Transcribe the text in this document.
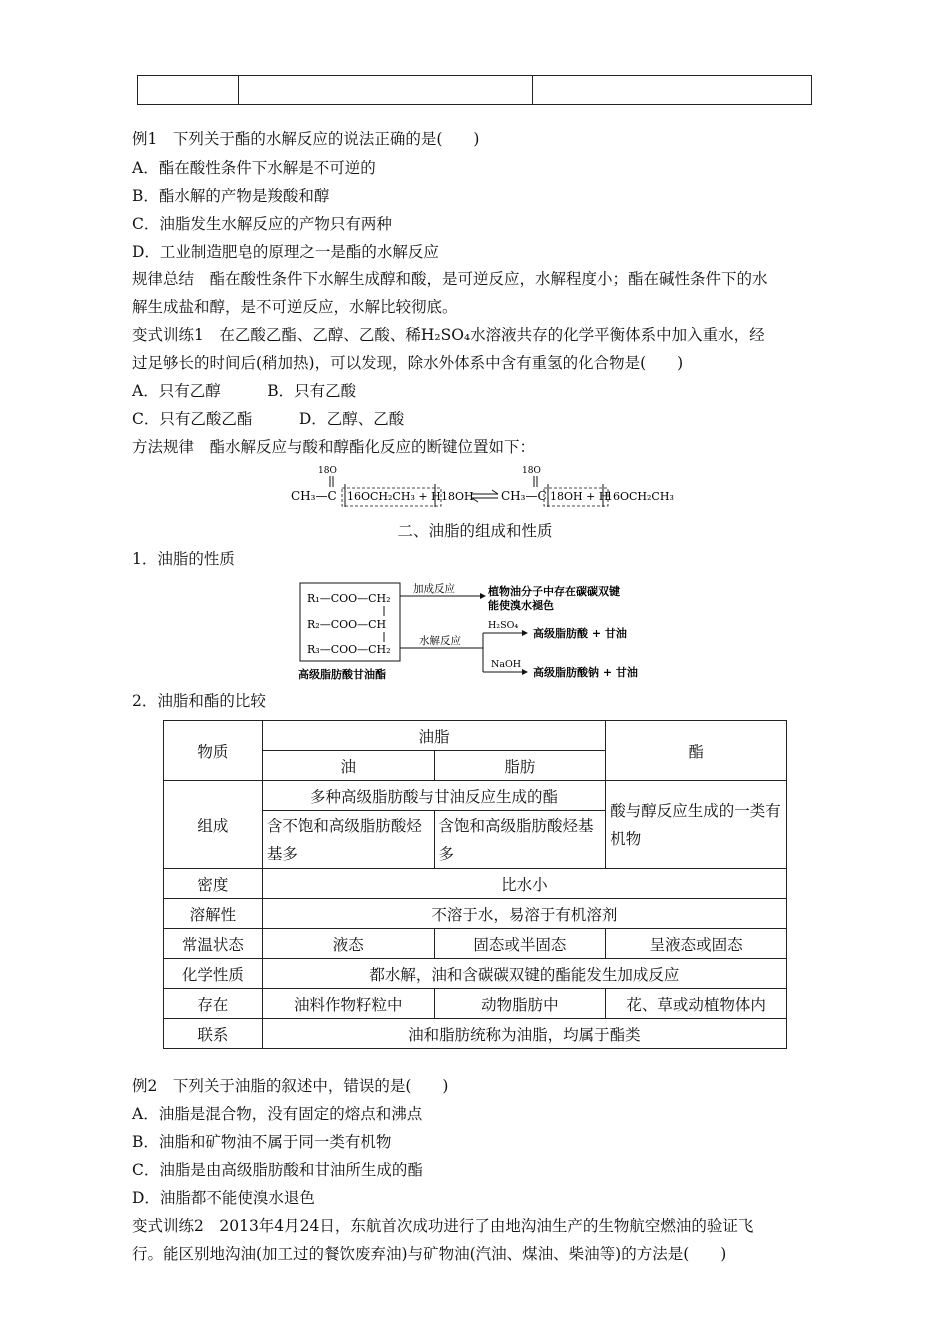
例1　下列关于酯的水解反应的说法正确的是(　　)
A．酯在酸性条件下水解是不可逆的
B．酯水解的产物是羧酸和醇
C．油脂发生水解反应的产物只有两种
D．工业制造肥皂的原理之一是酯的水解反应
规律总结　酯在酸性条件下水解生成醇和酸，是可逆反应，水解程度小；酯在碱性条件下的水
解生成盐和醇，是不可逆反应，水解比较彻底。
变式训练1　在乙酸乙酯、乙醇、乙酸、稀H₂SO₄水溶液共存的化学平衡体系中加入重水，经
过足够长的时间后(稍加热)，可以发现，除水外体系中含有重氢的化合物是(　　)
A．只有乙醇　　　B．只有乙酸
C．只有乙酸乙酯　　　D．乙醇、乙酸
方法规律　酯水解反应与酸和醇酯化反应的断键位置如下：
18O
CH₃—C 16OCH₂CH₃ + H 18OH
18O
CH₃—C 18OH + H
16OCH₂CH₃
二、油脂的组成和性质
1．油脂的性质
R₁—COO—CH₂
R₂—COO—CH
R₃—COO—CH₂
高级脂肪酸甘油酯
加成反应	植物油分子中存在碳碳双键
能使溴水褪色
水解反应
H₂SO₄
高级脂肪酸 + 甘油
NaOH
高级脂肪酸钠 + 甘油
2．油脂和酯的比较
物质	油脂		酯
	油	脂肪	
组成	多种高级脂肪酸与甘油反应生成的酯		酸与醇反应生成的一类有机物
	含不饱和高级脂肪酸烃基多	含饱和高级脂肪酸烃基多	
密度	比水小		
溶解性	不溶于水，易溶于有机溶剂		
常温状态	液态	固态或半固态	呈液态或固态
化学性质	都水解，油和含碳碳双键的酯能发生加成反应		
存在	油料作物籽粒中	动物脂肪中	花、草或动植物体内
联系	油和脂肪统称为油脂，均属于酯类		
例2　下列关于油脂的叙述中，错误的是(　　)
A．油脂是混合物，没有固定的熔点和沸点
B．油脂和矿物油不属于同一类有机物
C．油脂是由高级脂肪酸和甘油所生成的酯
D．油脂都不能使溴水退色
变式训练2　2013年4月24日，东航首次成功进行了由地沟油生产的生物航空燃油的验证飞
行。能区别地沟油(加工过的餐饮废弃油)与矿物油(汽油、煤油、柴油等)的方法是(　　)
